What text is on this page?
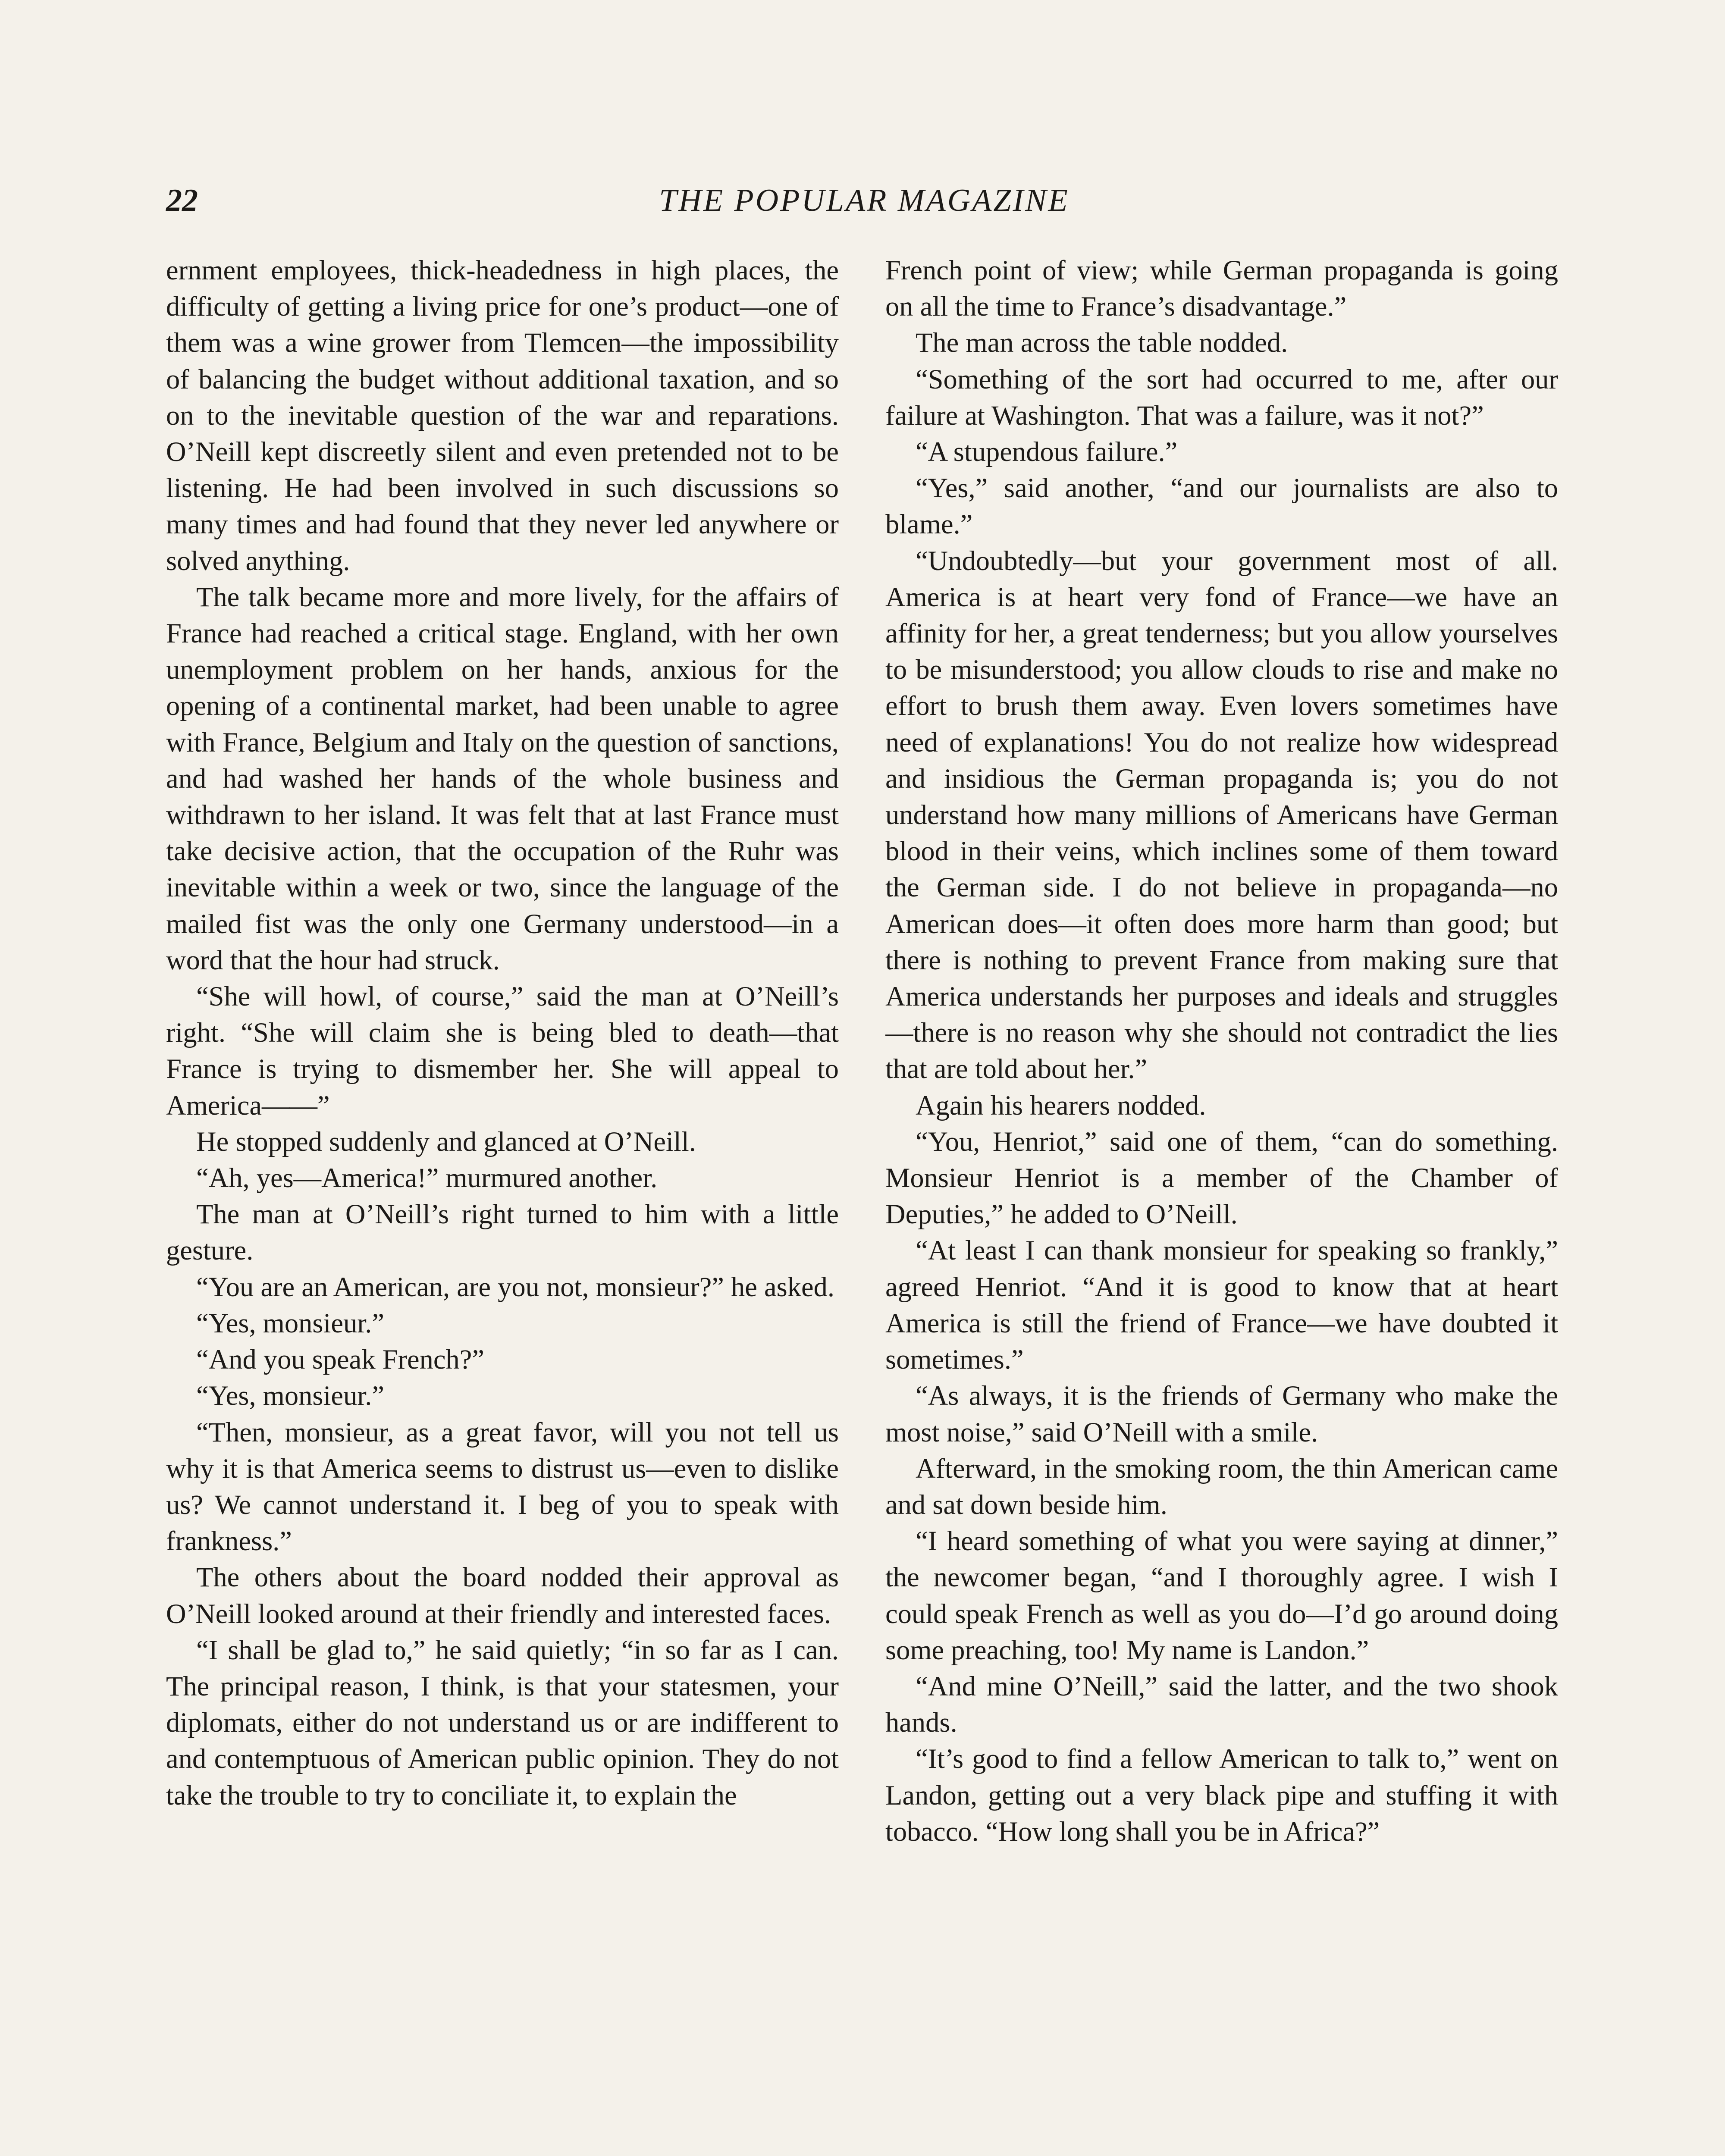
22	THE POPULAR MAGAZINE

ernment employees, thick-headedness in high places, the difficulty of getting a living price for one’s product—one of them was a wine grower from Tlemcen—the impossibility of balancing the budget without additional taxation, and so on to the inevitable question of the war and reparations. O’Neill kept discreetly silent and even pretended not to be listening. He had been involved in such discussions so many times and had found that they never led anywhere or solved anything.

The talk became more and more lively, for the affairs of France had reached a critical stage. England, with her own unemployment problem on her hands, anxious for the opening of a continental market, had been unable to agree with France, Belgium and Italy on the question of sanctions, and had washed her hands of the whole business and withdrawn to her island. It was felt that at last France must take decisive action, that the occupation of the Ruhr was inevitable within a week or two, since the language of the mailed fist was the only one Germany understood—in a word that the hour had struck.

“She will howl, of course,” said the man at O’Neill’s right. “She will claim she is being bled to death—that France is trying to dismember her. She will appeal to America——”

He stopped suddenly and glanced at O’Neill.

“Ah, yes—America!” murmured another.

The man at O’Neill’s right turned to him with a little gesture.

“You are an American, are you not, monsieur?” he asked.

“Yes, monsieur.”

“And you speak French?”

“Yes, monsieur.”

“Then, monsieur, as a great favor, will you not tell us why it is that America seems to distrust us—even to dislike us? We cannot understand it. I beg of you to speak with frankness.”

The others about the board nodded their approval as O’Neill looked around at their friendly and interested faces.

“I shall be glad to,” he said quietly; “in so far as I can. The principal reason, I think, is that your statesmen, your diplomats, either do not understand us or are indifferent to and contemptuous of American public opinion. They do not take the trouble to try to conciliate it, to explain the

French point of view; while German propaganda is going on all the time to France’s disadvantage.”

The man across the table nodded.

“Something of the sort had occurred to me, after our failure at Washington. That was a failure, was it not?”

“A stupendous failure.”

“Yes,” said another, “and our journalists are also to blame.”

“Undoubtedly—but your government most of all. America is at heart very fond of France—we have an affinity for her, a great tenderness; but you allow yourselves to be misunderstood; you allow clouds to rise and make no effort to brush them away. Even lovers sometimes have need of explanations! You do not realize how widespread and insidious the German propaganda is; you do not understand how many millions of Americans have German blood in their veins, which inclines some of them toward the German side. I do not believe in propaganda—no American does—it often does more harm than good; but there is nothing to prevent France from making sure that America understands her purposes and ideals and struggles—there is no reason why she should not contradict the lies that are told about her.”

Again his hearers nodded.

“You, Henriot,” said one of them, “can do something. Monsieur Henriot is a member of the Chamber of Deputies,” he added to O’Neill.

“At least I can thank monsieur for speaking so frankly,” agreed Henriot. “And it is good to know that at heart America is still the friend of France—we have doubted it sometimes.”

“As always, it is the friends of Germany who make the most noise,” said O’Neill with a smile.

Afterward, in the smoking room, the thin American came and sat down beside him.

“I heard something of what you were saying at dinner,” the newcomer began, “and I thoroughly agree. I wish I could speak French as well as you do—I’d go around doing some preaching, too! My name is Landon.”

“And mine O’Neill,” said the latter, and the two shook hands.

“It’s good to find a fellow American to talk to,” went on Landon, getting out a very black pipe and stuffing it with tobacco. “How long shall you be in Africa?”
